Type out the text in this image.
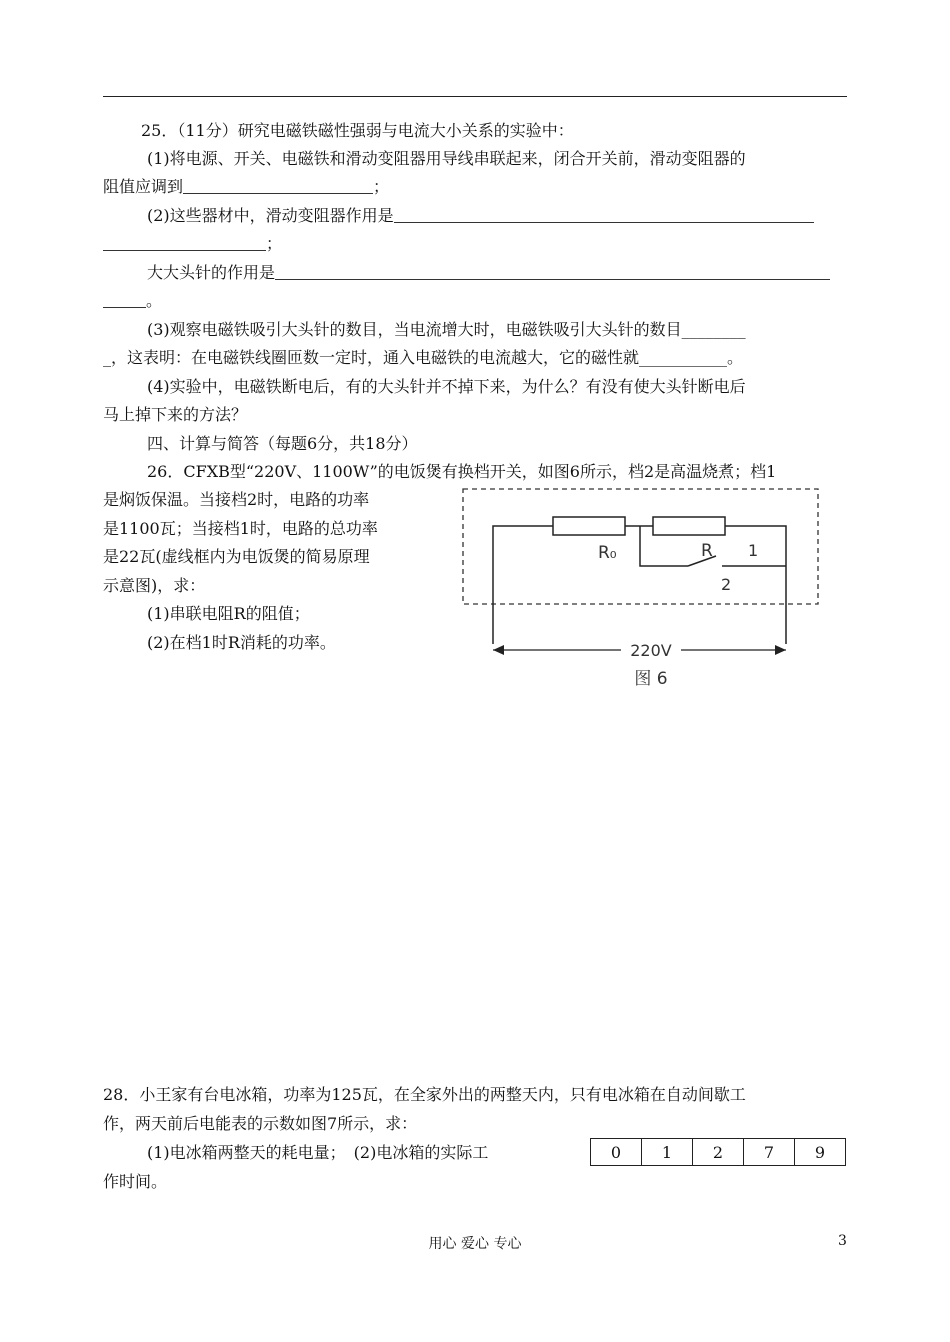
25．（11分）研究电磁铁磁性强弱与电流大小关系的实验中：
(1)将电源、开关、电磁铁和滑动变阻器用导线串联起来，闭合开关前，滑动变阻器的
阻值应调到	；
(2)这些器材中，滑动变阻器作用是
；
大大头针的作用是
。
(3)观察电磁铁吸引大头针的数目，当电流增大时，电磁铁吸引大头针的数目________
_，这表明：在电磁铁线圈匝数一定时，通入电磁铁的电流越大，它的磁性就___________。
(4)实验中，电磁铁断电后，有的大头针并不掉下来，为什么？有没有使大头针断电后
马上掉下来的方法？
四、计算与简答（每题6分，共18分）
26．CFXB型“220V、1100W”的电饭煲有换档开关，如图6所示，档2是高温烧煮；档1
是焖饭保温。当接档2时，电路的功率
是1100瓦；当接档1时，电路的总功率
是22瓦(虚线框内为电饭煲的简易原理
示意图)，求：
(1)串联电阻R的阻值；
(2)在档1时R消耗的功率。
R₀	R 1
2
220V
图 6
28．小王家有台电冰箱，功率为125瓦，在全家外出的两整天内，只有电冰箱在自动间歇工
作，两天前后电能表的示数如图7所示，求：
(1)电冰箱两整天的耗电量；　(2)电冰箱的实际工
作时间。
0	1	2	7	9
用心 爱心 专心	3
